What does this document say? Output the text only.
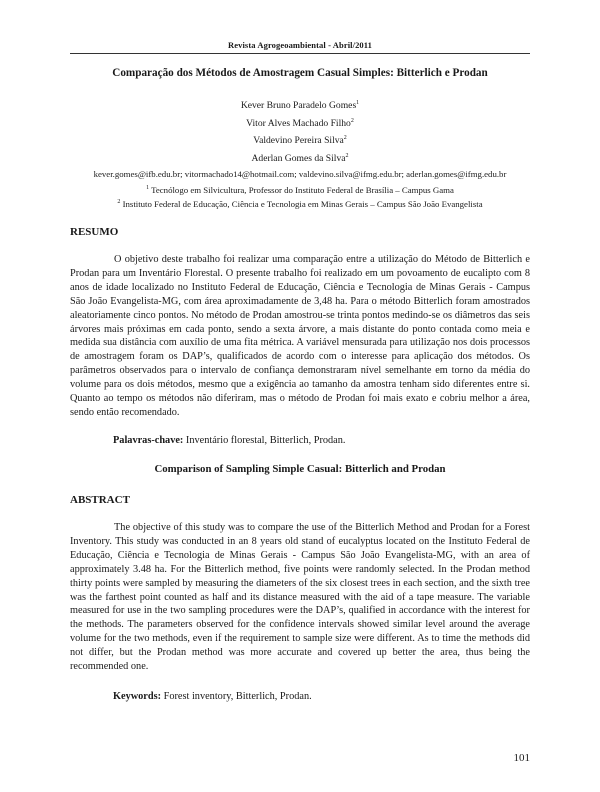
Revista Agrogeoambiental - Abril/2011
Comparação dos Métodos de Amostragem Casual Simples: Bitterlich e Prodan
Kever Bruno Paradelo Gomes$^1$
Vitor Alves Machado Filho$^2$
Valdevino Pereira Silva$^2$
Aderlan Gomes da Silva$^2$
kever.gomes@ifb.edu.br; vitormachado14@hotmail.com; valdevino.silva@ifmg.edu.br; aderlan.gomes@ifmg.edu.br
$^1$ Tecnólogo em Silvicultura, Professor do Instituto Federal de Brasília – Campus Gama
$^2$ Instituto Federal de Educação, Ciência e Tecnologia em Minas Gerais – Campus São João Evangelista
RESUMO

O objetivo deste trabalho foi realizar uma comparação entre a utilização do Método de Bitterlich e Prodan para um Inventário Florestal. O presente trabalho foi realizado em um povoamento de eucalipto com 8 anos de idade localizado no Instituto Federal de Educação, Ciência e Tecnologia de Minas Gerais - Campus São João Evangelista-MG, com área aproximadamente de 3,48 ha. Para o método Bitterlich foram amostrados aleatoriamente cinco pontos. No método de Prodan amostrou-se trinta pontos medindo-se os diâmetros das seis árvores mais próximas em cada ponto, sendo a sexta árvore, a mais distante do ponto contada como meia e medida sua distância com auxílio de uma fita métrica. A variável mensurada para utilização nos dois processos de amostragem foram os DAP’s, qualificados de acordo com o interesse para aplicação dos métodos. Os parâmetros observados para o intervalo de confiança demonstraram nível semelhante em torno da média do volume para os dois métodos, mesmo que a exigência ao tamanho da amostra tenham sido diferentes entre si. Quanto ao tempo os métodos não diferiram, mas o método de Prodan foi mais exato e cobriu melhor a área, sendo então recomendado.

Palavras-chave: Inventário florestal, Bitterlich, Prodan.
Comparison of Sampling Simple Casual: Bitterlich and Prodan
ABSTRACT

The objective of this study was to compare the use of the Bitterlich Method and Prodan for a Forest Inventory. This study was conducted in an 8 years old stand of eucalyptus located on the Instituto Federal de Educação, Ciência e Tecnologia de Minas Gerais - Campus São João Evangelista-MG, with an area of approximately 3.48 ha. For the Bitterlich method, five points were randomly selected. In the Prodan method thirty points were sampled by measuring the diameters of the six closest trees in each section, and the sixth tree was the farthest point counted as half and its distance measured with the aid of a tape measure. The variable measured for use in the two sampling procedures were the DAP’s, qualified in accordance with the interest for the methods. The parameters observed for the confidence intervals showed similar level around the average volume for the two methods, even if the requirement to sample size were different. As to time the methods did not differ, but the Prodan method was more accurate and covered up better the area, thus being the recommended one.

Keywords: Forest inventory, Bitterlich, Prodan.
101
